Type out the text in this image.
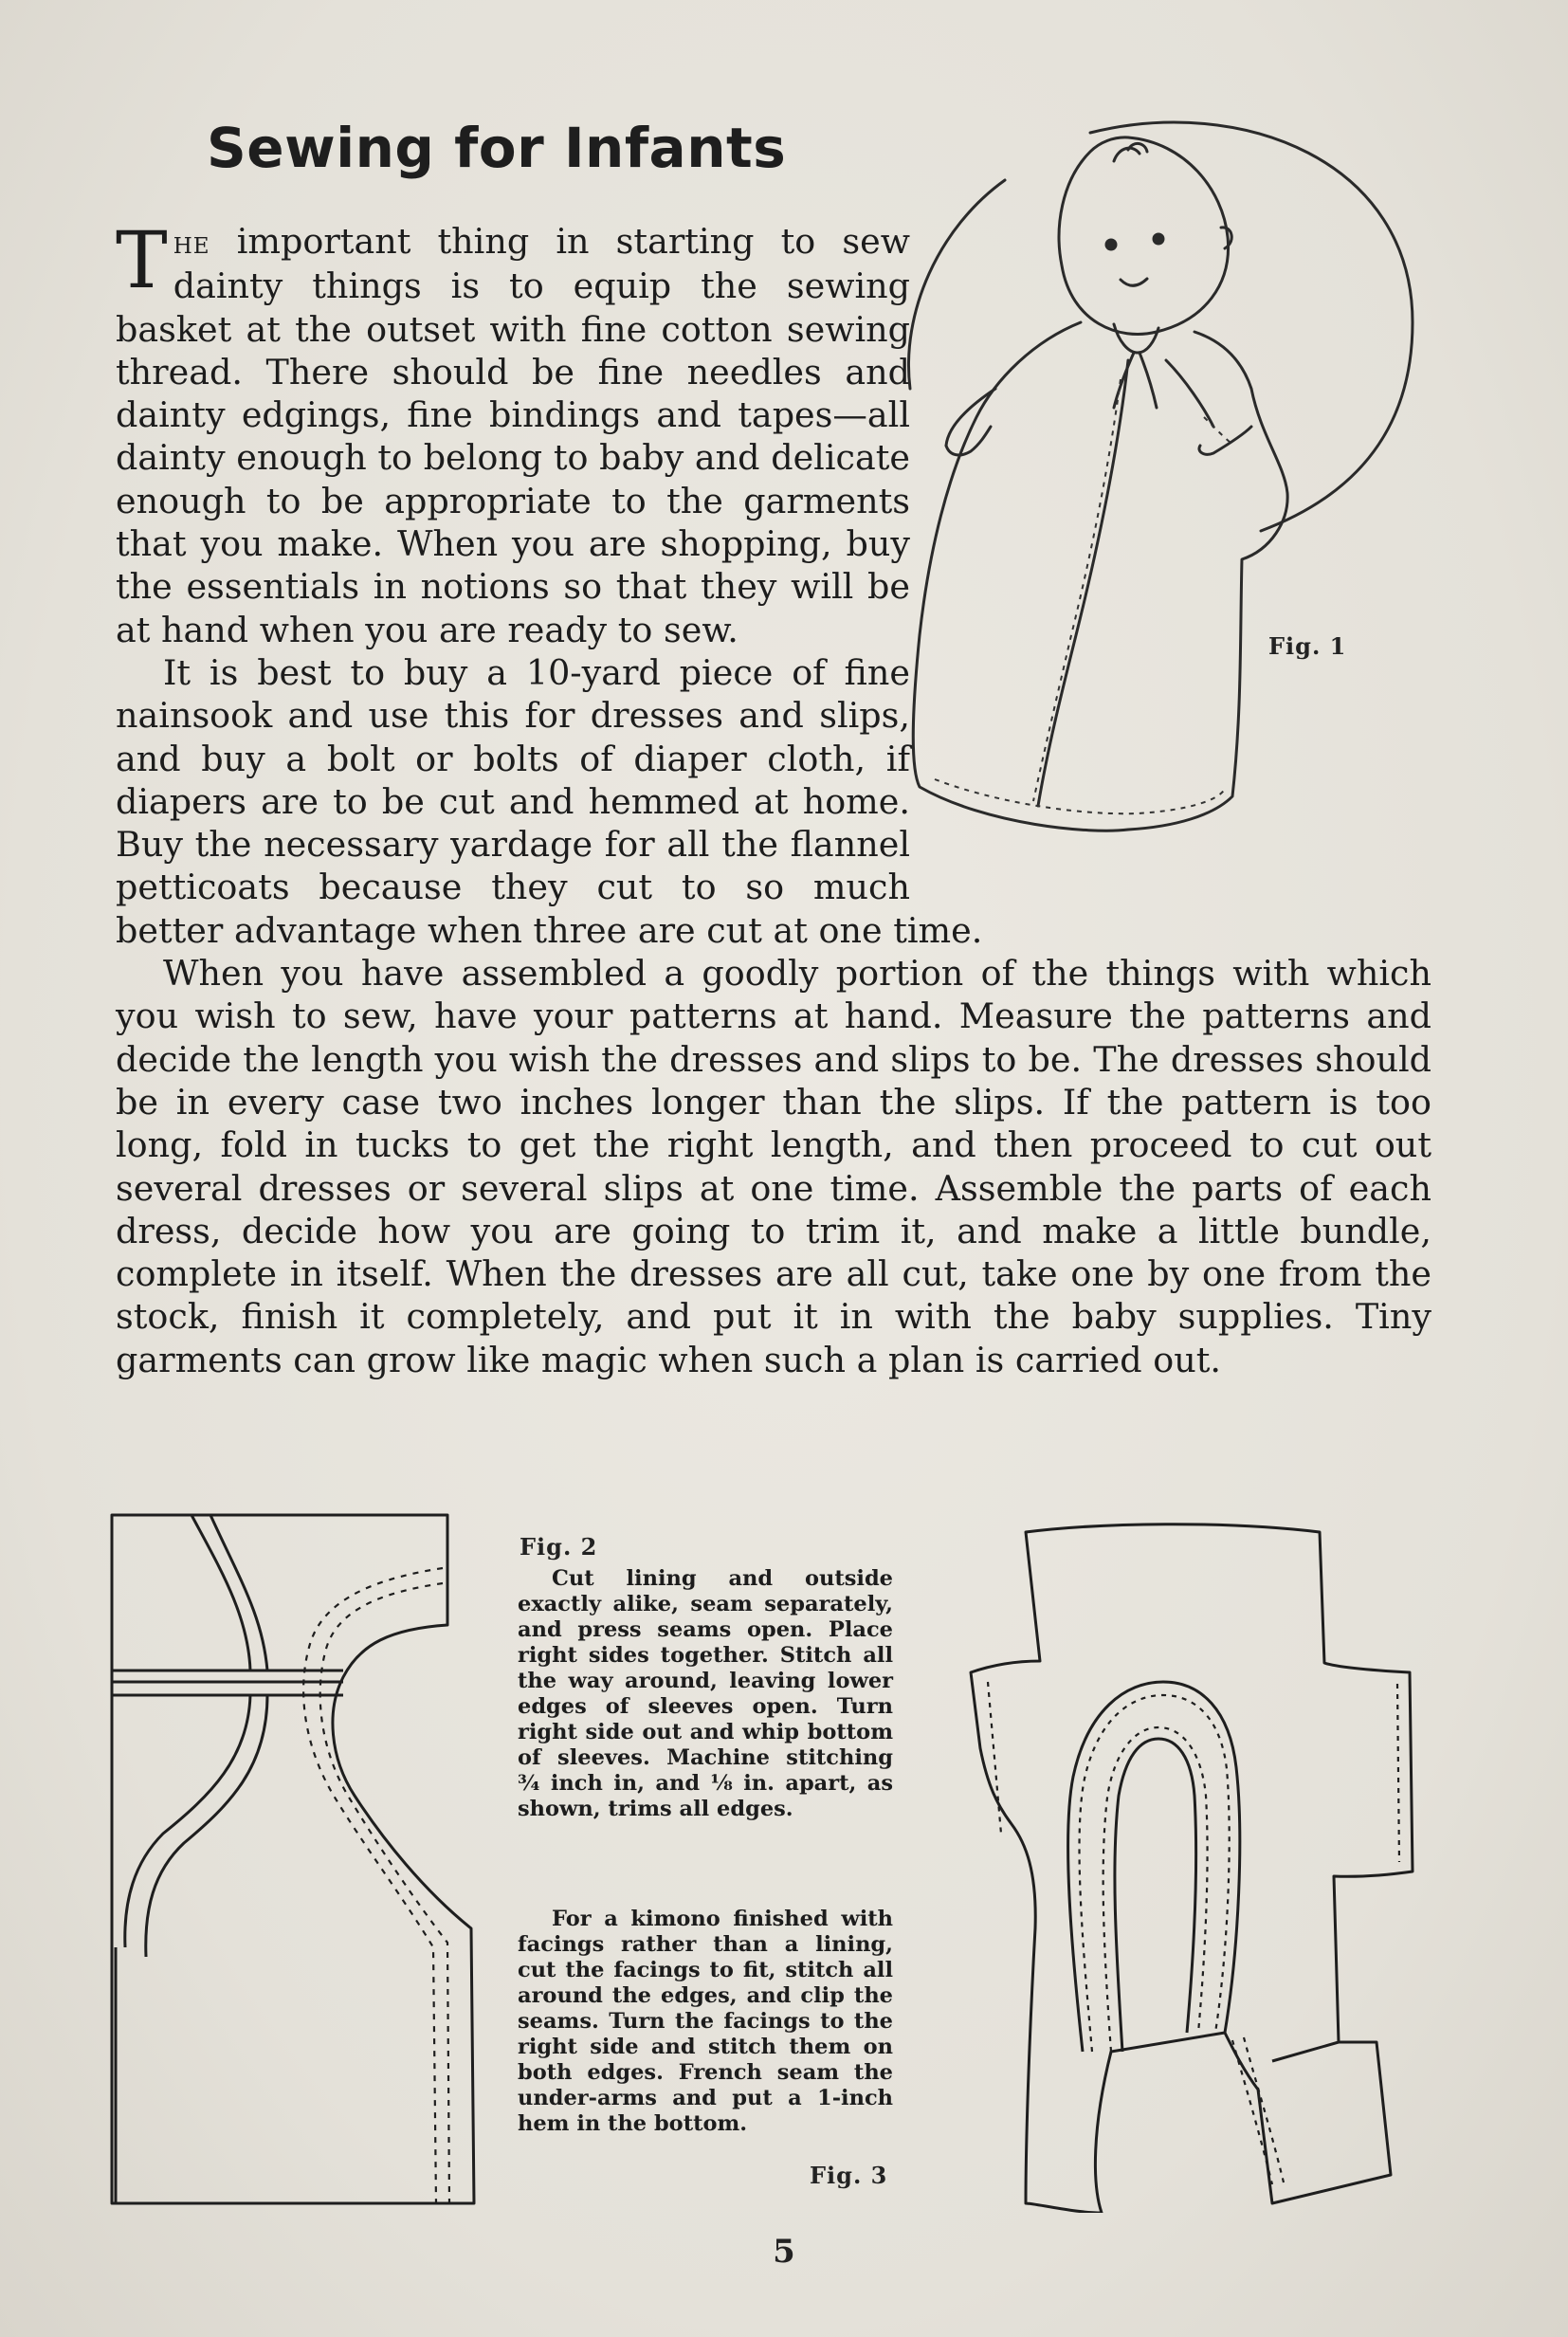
Sewing for Infants

The important thing in starting to sew dainty things is to equip the sewing basket at the outset with fine cotton sewing thread. There should be fine needles and dainty edgings, fine bindings and tapes—all dainty enough to belong to baby and delicate enough to be appropriate to the garments that you make. When you are shopping, buy the essentials in notions so that they will be at hand when you are ready to sew.

It is best to buy a 10-yard piece of fine nainsook and use this for dresses and slips, and buy a bolt or bolts of diaper cloth, if diapers are to be cut and hemmed at home. Buy the necessary yardage for all the flannel petticoats because they cut to so much better advantage when three are cut at one time.

When you have assembled a goodly portion of the things with which you wish to sew, have your patterns at hand. Measure the patterns and decide the length you wish the dresses and slips to be. The dresses should be in every case two inches longer than the slips. If the pattern is too long, fold in tucks to get the right length, and then proceed to cut out several dresses or several slips at one time. Assemble the parts of each dress, decide how you are going to trim it, and make a little bundle, complete in itself. When the dresses are all cut, take one by one from the stock, finish it completely, and put it in with the baby supplies. Tiny garments can grow like magic when such a plan is carried out.

Fig. 1
Fig. 2

Cut lining and outside exactly alike, seam separately, and press seams open. Place right sides together. Stitch all the way around, leaving lower edges of sleeves open. Turn right side out and whip bottom of sleeves. Machine stitching ¾ inch in, and ⅛ in. apart, as shown, trims all edges.

For a kimono finished with facings rather than a lining, cut the facings to fit, stitch all around the edges, and clip the seams. Turn the facings to the right side and stitch them on both edges. French seam the under-arms and put a 1-inch hem in the bottom.

Fig. 3
5
